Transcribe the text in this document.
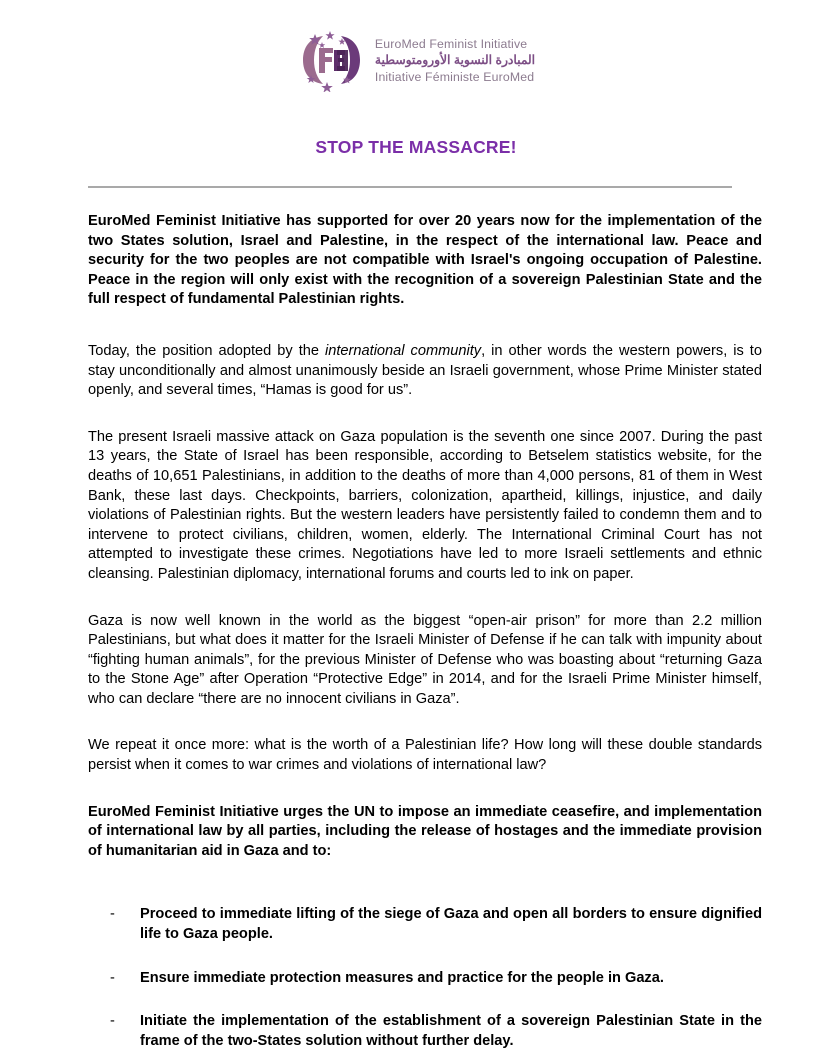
EuroMed Feminist Initiative
المبادرة النسوية الأورومتوسطية
Initiative Féministe EuroMed
STOP THE MASSACRE!

EuroMed Feminist Initiative has supported for over 20 years now for the implementation of the two States solution, Israel and Palestine, in the respect of the international law. Peace and security for the two peoples are not compatible with Israel's ongoing occupation of Palestine. Peace in the region will only exist with the recognition of a sovereign Palestinian State and the full respect of fundamental Palestinian rights.

Today, the position adopted by the international community, in other words the western powers, is to stay unconditionally and almost unanimously beside an Israeli government, whose Prime Minister stated openly, and several times, “Hamas is good for us”.

The present Israeli massive attack on Gaza population is the seventh one since 2007. During the past 13 years, the State of Israel has been responsible, according to Betselem statistics website, for the deaths of 10,651 Palestinians, in addition to the deaths of more than 4,000 persons, 81 of them in West Bank, these last days. Checkpoints, barriers, colonization, apartheid, killings, injustice, and daily violations of Palestinian rights. But the western leaders have persistently failed to condemn them and to intervene to protect civilians, children, women, elderly. The International Criminal Court has not attempted to investigate these crimes. Negotiations have led to more Israeli settlements and ethnic cleansing. Palestinian diplomacy, international forums and courts led to ink on paper.

Gaza is now well known in the world as the biggest “open-air prison” for more than 2.2 million Palestinians, but what does it matter for the Israeli Minister of Defense if he can talk with impunity about “fighting human animals”, for the previous Minister of Defense who was boasting about “returning Gaza to the Stone Age” after Operation “Protective Edge” in 2014, and for the Israeli Prime Minister himself, who can declare “there are no innocent civilians in Gaza”.

We repeat it once more: what is the worth of a Palestinian life? How long will these double standards persist when it comes to war crimes and violations of international law?

EuroMed Feminist Initiative urges the UN to impose an immediate ceasefire, and implementation of international law by all parties, including the release of hostages and the immediate provision of humanitarian aid in Gaza and to:

-	Proceed to immediate lifting of the siege of Gaza and open all borders to ensure dignified life to Gaza people.
-	Ensure immediate protection measures and practice for the people in Gaza.
-	Initiate the implementation of the establishment of a sovereign Palestinian State in the frame of the two-States solution without further delay.
